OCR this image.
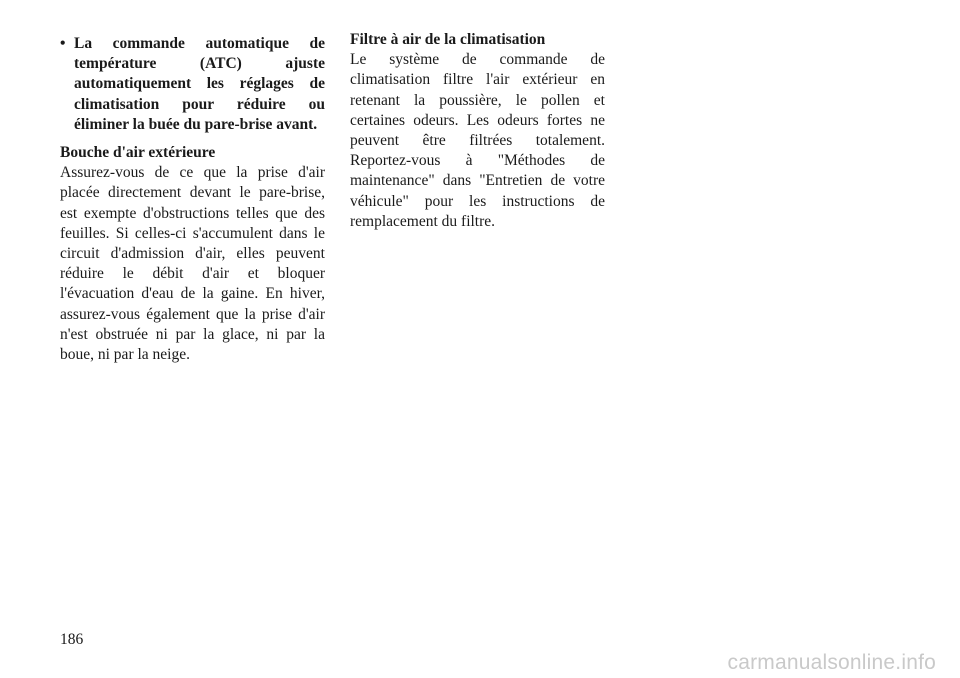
• La commande automatique de température (ATC) ajuste automatiquement les réglages de climatisation pour réduire ou éliminer la buée du pare-brise avant.

Bouche d'air extérieure

Assurez-vous de ce que la prise d'air placée directement devant le pare-brise, est exempte d'obstructions telles que des feuilles. Si celles-ci s'accumulent dans le circuit d'admission d'air, elles peuvent réduire le débit d'air et bloquer l'évacuation d'eau de la gaine. En hiver, assurez-vous également que la prise d'air n'est obstruée ni par la glace, ni par la boue, ni par la neige.

Filtre à air de la climatisation

Le système de commande de climatisation filtre l'air extérieur en retenant la poussière, le pollen et certaines odeurs. Les odeurs fortes ne peuvent être filtrées totalement. Reportez-vous à "Méthodes de maintenance" dans "Entretien de votre véhicule" pour les instructions de remplacement du filtre.

186
carmanualsonline.info
